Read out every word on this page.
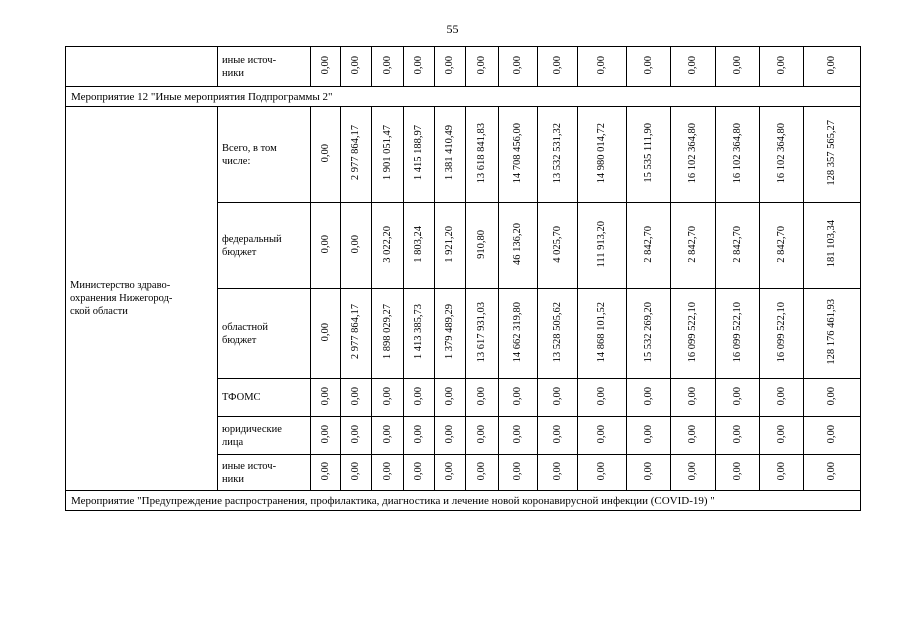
55
	иные источ-
ники	0,00	0,00	0,00	0,00	0,00	0,00	0,00	0,00	0,00	0,00	0,00	0,00	0,00	0,00
Мероприятие 12 "Иные мероприятия Подпрограммы 2"															
Министерство здраво-
охранения Нижегород-
ской области	Всего, в том
числе:	0,00	2 977 864,17	1 901 051,47	1 415 188,97	1 381 410,49	13 618 841,83	14 708 456,00	13 532 531,32	14 980 014,72	15 535 111,90	16 102 364,80	16 102 364,80	16 102 364,80	128 357 565,27
	федеральный
бюджет	0,00	0,00	3 022,20	1 803,24	1 921,20	910,80	46 136,20	4 025,70	111 913,20	2 842,70	2 842,70	2 842,70	2 842,70	181 103,34
	областной
бюджет	0,00	2 977 864,17	1 898 029,27	1 413 385,73	1 379 489,29	13 617 931,03	14 662 319,80	13 528 505,62	14 868 101,52	15 532 269,20	16 099 522,10	16 099 522,10	16 099 522,10	128 176 461,93
	ТФОМС	0,00	0,00	0,00	0,00	0,00	0,00	0,00	0,00	0,00	0,00	0,00	0,00	0,00	0,00
	юридические
лица	0,00	0,00	0,00	0,00	0,00	0,00	0,00	0,00	0,00	0,00	0,00	0,00	0,00	0,00
	иные источ-
ники	0,00	0,00	0,00	0,00	0,00	0,00	0,00	0,00	0,00	0,00	0,00	0,00	0,00	0,00
Мероприятие "Предупреждение распространения, профилактика, диагностика и лечение новой коронавирусной инфекции (COVID-19) "															
